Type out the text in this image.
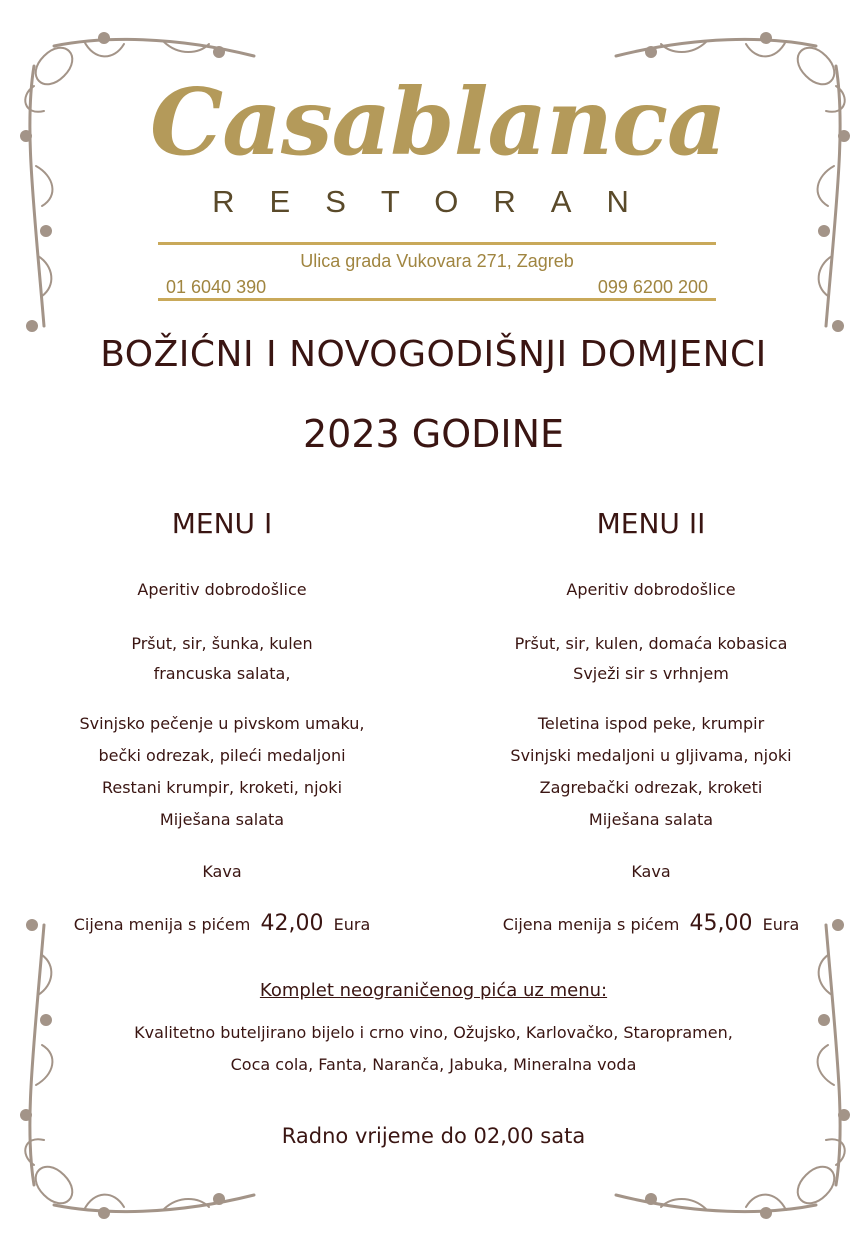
Casablanca
RESTORAN
Ulica grada Vukovara 271, Zagreb
01 6040 390	099 6200 200
BOŽIĆNI I NOVOGODIŠNJI DOMJENCI
2023 GODINE
MENU I
Aperitiv dobrodošlice
Pršut, sir, šunka, kulen
francuska salata,
Svinjsko pečenje u pivskom umaku,
bečki odrezak, pileći medaljoni
Restani krumpir, kroketi, njoki
Miješana salata
Kava
Cijena menija s pićem 42,00 Eura
MENU II
Aperitiv dobrodošlice
Pršut, sir, kulen, domaća kobasica
Svježi sir s vrhnjem
Teletina ispod peke, krumpir
Svinjski medaljoni u gljivama, njoki
Zagrebački odrezak, kroketi
Miješana salata
Kava
Cijena menija s pićem 45,00 Eura
Komplet neograničenog pića uz menu:
Kvalitetno buteljirano bijelo i crno vino, Ožujsko, Karlovačko, Staropramen,
Coca cola, Fanta, Naranča, Jabuka, Mineralna voda
Radno vrijeme do 02,00 sata
